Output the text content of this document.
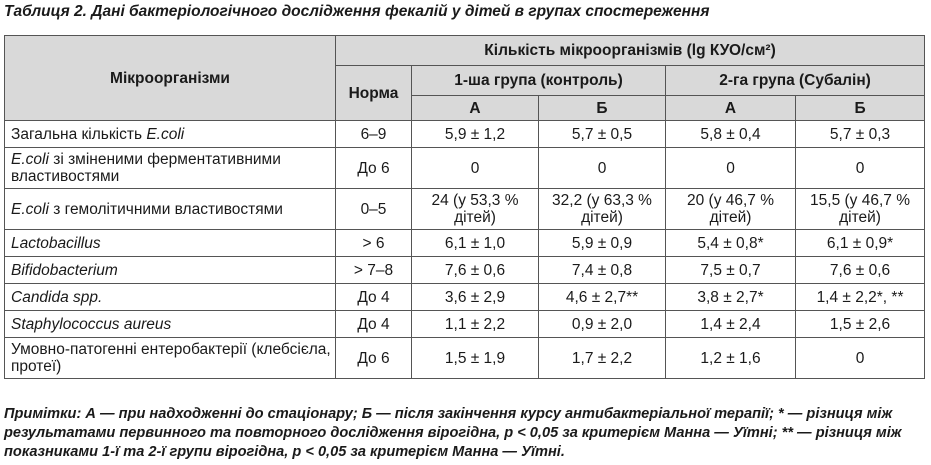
Таблиця 2. Дані бактеріологічного дослідження фекалій у дітей в групах спостереження
Мікроорганізми	Кількість мікроорганізмів (lg КУО/см²)				
	Норма	1-ша група (контроль)		2-га група (Субалін)	
		А	Б	А	Б
Загальна кількість E.coli	6–9	5,9 ± 1,2	5,7 ± 0,5	5,8 ± 0,4	5,7 ± 0,3
E.coli зі зміненими ферментативними властивостями	До 6	0	0	0	0
E.coli з гемолітичними властивостями	0–5	24 (у 53,3 % дітей)	32,2 (у 63,3 % дітей)	20 (у 46,7 % дітей)	15,5 (у 46,7 % дітей)
Lactobacillus	> 6	6,1 ± 1,0	5,9 ± 0,9	5,4 ± 0,8*	6,1 ± 0,9*
Bifidobacterium	> 7–8	7,6 ± 0,6	7,4 ± 0,8	7,5 ± 0,7	7,6 ± 0,6
Candida spp.	До 4	3,6 ± 2,9	4,6 ± 2,7**	3,8 ± 2,7*	1,4 ± 2,2*, **
Staphylococcus aureus	До 4	1,1 ± 2,2	0,9 ± 2,0	1,4 ± 2,4	1,5 ± 2,6
Умовно-патогенні ентеробактерії (клебсієла, протеї)	До 6	1,5 ± 1,9	1,7 ± 2,2	1,2 ± 1,6	0
Примітки: А — при надходженні до стаціонару; Б — після закінчення курсу антибактеріальної терапії; * — різниця між результатами первинного та повторного дослідження вірогідна, p < 0,05 за критерієм Манна — Уїтні; ** — різниця між показниками 1-ї та 2-ї групи вірогідна, p < 0,05 за критерієм Манна — Уїтні.
